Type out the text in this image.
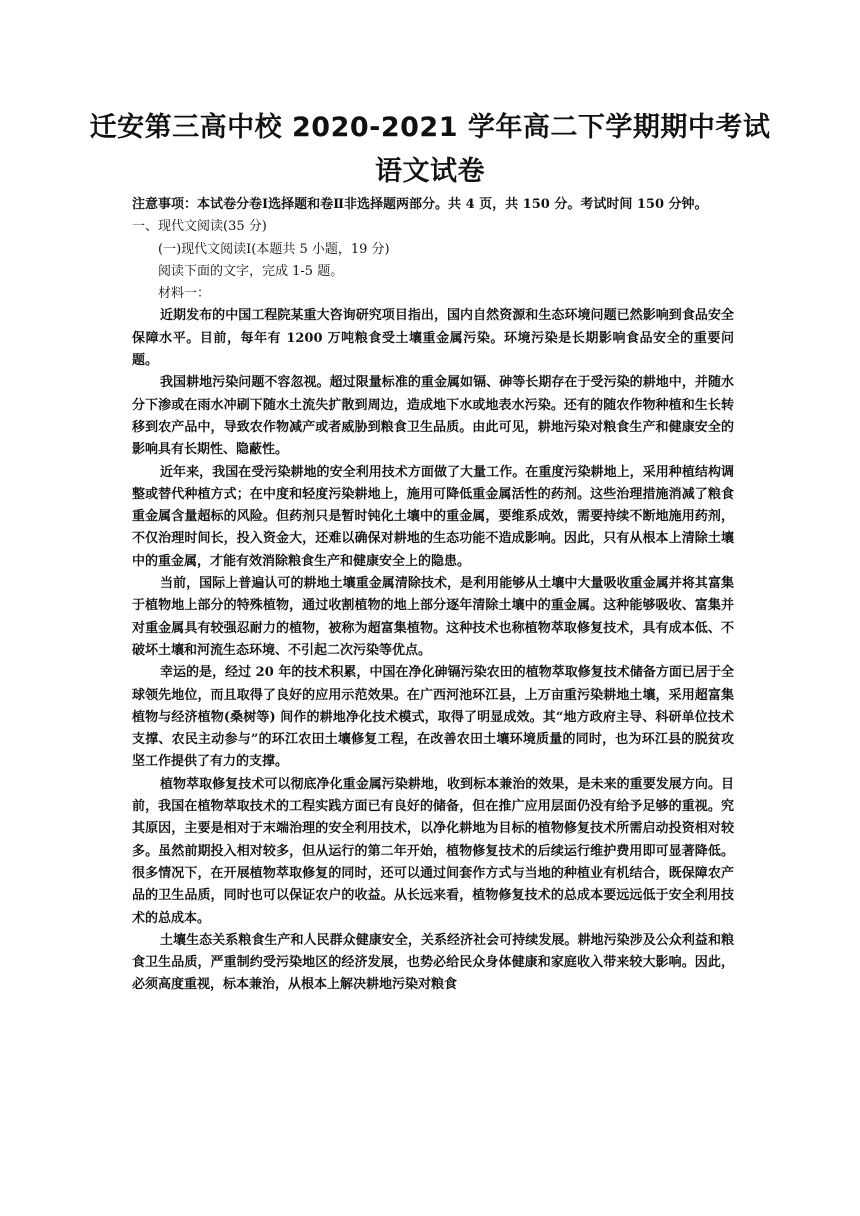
迁安第三高中校 2020-2021 学年高二下学期期中考试
语文试卷

注意事项：本试卷分卷Ⅰ选择题和卷Ⅱ非选择题两部分。共 4 页，共 150 分。考试时间 150 分钟。

一、现代文阅读(35 分)

(一)现代文阅读Ⅰ(本题共 5 小题，19 分)

阅读下面的文字，完成 1-5 题。

材料一：

近期发布的中国工程院某重大咨询研究项目指出，国内自然资源和生态环境问题已然影响到食品安全保障水平。目前，每年有 1200 万吨粮食受土壤重金属污染。环境污染是长期影响食品安全的重要问题。

我国耕地污染问题不容忽视。超过限量标准的重金属如镉、砷等长期存在于受污染的耕地中，并随水分下渗或在雨水冲刷下随水土流失扩散到周边，造成地下水或地表水污染。还有的随农作物种植和生长转移到农产品中，导致农作物减产或者威胁到粮食卫生品质。由此可见，耕地污染对粮食生产和健康安全的影响具有长期性、隐蔽性。

近年来，我国在受污染耕地的安全利用技术方面做了大量工作。在重度污染耕地上，采用种植结构调整或替代种植方式；在中度和轻度污染耕地上，施用可降低重金属活性的药剂。这些治理措施消减了粮食重金属含量超标的风险。但药剂只是暂时钝化土壤中的重金属，要维系成效，需要持续不断地施用药剂，不仅治理时间长，投入资金大，还难以确保对耕地的生态功能不造成影响。因此，只有从根本上清除土壤中的重金属，才能有效消除粮食生产和健康安全上的隐患。

当前，国际上普遍认可的耕地土壤重金属清除技术，是利用能够从土壤中大量吸收重金属并将其富集于植物地上部分的特殊植物，通过收割植物的地上部分逐年清除土壤中的重金属。这种能够吸收、富集并对重金属具有较强忍耐力的植物，被称为超富集植物。这种技术也称植物萃取修复技术，具有成本低、不破坏土壤和河流生态环境、不引起二次污染等优点。

幸运的是，经过 20 年的技术积累，中国在净化砷镉污染农田的植物萃取修复技术储备方面已居于全球领先地位，而且取得了良好的应用示范效果。在广西河池环江县，上万亩重污染耕地土壤，采用超富集植物与经济植物(桑树等) 间作的耕地净化技术模式，取得了明显成效。其“地方政府主导、科研单位技术支撑、农民主动参与”的环江农田土壤修复工程，在改善农田土壤环境质量的同时，也为环江县的脱贫攻坚工作提供了有力的支撑。

植物萃取修复技术可以彻底净化重金属污染耕地，收到标本兼治的效果，是未来的重要发展方向。目前，我国在植物萃取技术的工程实践方面已有良好的储备，但在推广应用层面仍没有给予足够的重视。究其原因，主要是相对于末端治理的安全利用技术，以净化耕地为目标的植物修复技术所需启动投资相对较多。虽然前期投入相对较多，但从运行的第二年开始，植物修复技术的后续运行维护费用即可显著降低。很多情况下，在开展植物萃取修复的同时，还可以通过间套作方式与当地的种植业有机结合，既保障农产品的卫生品质，同时也可以保证农户的收益。从长远来看，植物修复技术的总成本要远远低于安全利用技术的总成本。

土壤生态关系粮食生产和人民群众健康安全，关系经济社会可持续发展。耕地污染涉及公众利益和粮食卫生品质，严重制约受污染地区的经济发展，也势必给民众身体健康和家庭收入带来较大影响。因此，必须高度重视，标本兼治，从根本上解决耕地污染对粮食
